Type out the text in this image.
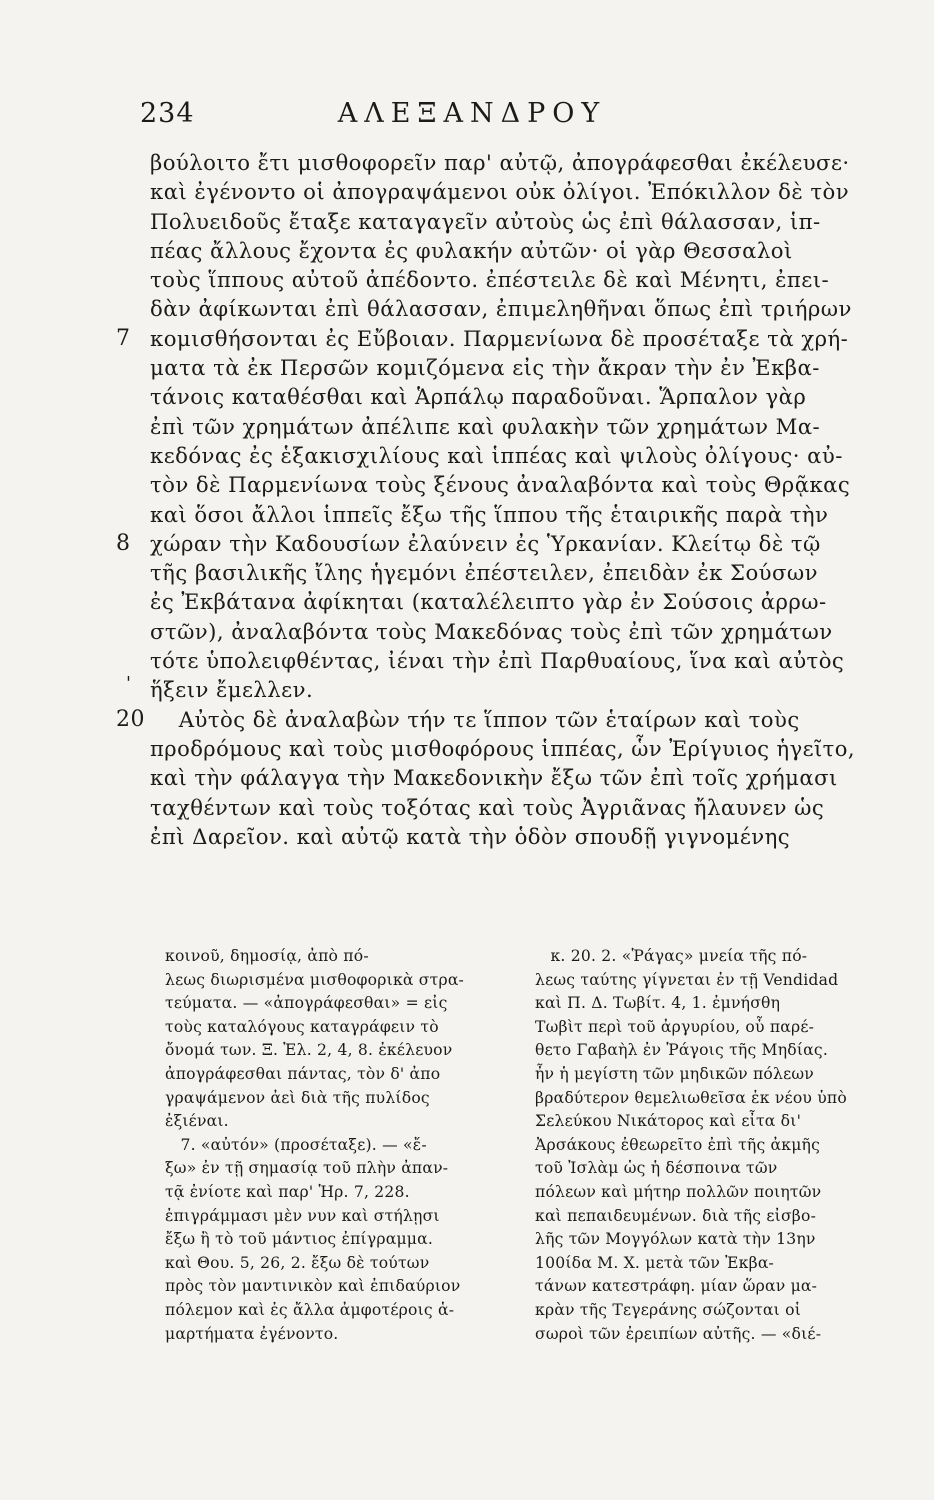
234	ΑΛΕΞΑΝΔΡΟΥ
βούλοιτο ἔτι μισθοφορεῖν παρ' αὐτῷ, ἀπογράφεσθαι ἐκέλευσε·
καὶ ἐγένοντο οἱ ἀπογραψάμενοι οὐκ ὀλίγοι. Ἐπόκιλλον δὲ τὸν
Πολυειδοῦς ἔταξε καταγαγεῖν αὐτοὺς ὡς ἐπὶ θάλασσαν, ἱπ-
πέας ἄλλους ἔχοντα ἐς φυλακήν αὐτῶν· οἱ γὰρ Θεσσαλοὶ
τοὺς ἵππους αὐτοῦ ἀπέδοντο. ἐπέστειλε δὲ καὶ Μένητι, ἐπει-
δὰν ἀφίκωνται ἐπὶ θάλασσαν, ἐπιμεληθῆναι ὅπως ἐπὶ τριήρων
7 κομισθήσονται ἐς Εὔβοιαν. Παρμενίωνα δὲ προσέταξε τὰ χρή-
ματα τὰ ἐκ Περσῶν κομιζόμενα εἰς τὴν ἄκραν τὴν ἐν Ἐκβα-
τάνοις καταθέσθαι καὶ Ἁρπάλῳ παραδοῦναι. Ἅρπαλον γὰρ
ἐπὶ τῶν χρημάτων ἀπέλιπε καὶ φυλακὴν τῶν χρημάτων Μα-
κεδόνας ἐς ἑξακισχιλίους καὶ ἱππέας καὶ ψιλοὺς ὀλίγους· αὐ-
τὸν δὲ Παρμενίωνα τοὺς ξένους ἀναλαβόντα καὶ τοὺς Θρᾷκας
καὶ ὅσοι ἄλλοι ἱππεῖς ἔξω τῆς ἵππου τῆς ἑταιρικῆς παρὰ τὴν
8 χώραν τὴν Καδουσίων ἐλαύνειν ἐς Ὑρκανίαν. Κλείτῳ δὲ τῷ
τῆς βασιλικῆς ἴλης ἡγεμόνι ἐπέστειλεν, ἐπειδὰν ἐκ Σούσων
ἐς Ἐκβάτανα ἀφίκηται (καταλέλειπτο γὰρ ἐν Σούσοις ἀρρω-
στῶν), ἀναλαβόντα τοὺς Μακεδόνας τοὺς ἐπὶ τῶν χρημάτων
τότε ὑπολειφθέντας, ἰέναι τὴν ἐπὶ Παρθυαίους, ἵνα καὶ αὐτὸς
' ἥξειν ἔμελλεν.
20 Αὐτὸς δὲ ἀναλαβὼν τήν τε ἵππον τῶν ἑταίρων καὶ τοὺς
προδρόμους καὶ τοὺς μισθοφόρους ἱππέας, ὧν Ἐρίγυιος ἡγεῖτο,
καὶ τὴν φάλαγγα τὴν Μακεδονικὴν ἔξω τῶν ἐπὶ τοῖς χρήμασι
ταχθέντων καὶ τοὺς τοξότας καὶ τοὺς Ἀγριᾶνας ἤλαυνεν ὡς
ἐπὶ Δαρεῖον. καὶ αὐτῷ κατὰ τὴν ὁδὸν σπουδῇ γιγνομένης
κοινοῦ, δημοσίᾳ, ἀπὸ πό-
λεως διωρισμένα μισθοφορικὰ στρα-
τεύματα. — «ἀπογράφεσθαι» = εἰς
τοὺς καταλόγους καταγράφειν τὸ
ὄνομά των. Ξ. Ἑλ. 2, 4, 8. ἐκέλευον
ἀπογράφεσθαι πάντας, τὸν δ' ἀπο
γραψάμενον ἀεὶ διὰ τῆς πυλίδος
ἐξιέναι.
7. «αὐτόν» (προσέταξε). — «ἔ-
ξω» ἐν τῇ σημασίᾳ τοῦ πλὴν ἀπαν-
τᾷ ἐνίοτε καὶ παρ' Ἡρ. 7, 228.
ἐπιγράμμασι μὲν νυν καὶ στήλῃσι
ἔξω ἢ τὸ τοῦ μάντιος ἐπίγραμμα.
καὶ Θου. 5, 26, 2. ἔξω δὲ τούτων
πρὸς τὸν μαντινικὸν καὶ ἐπιδαύριον
πόλεμον καὶ ἐς ἄλλα ἀμφοτέροις ἁ-
μαρτήματα ἐγένοντο.
κ. 20. 2. «Ῥάγας» μνεία τῆς πό-
λεως ταύτης γίγνεται ἐν τῇ Vendidad
καὶ Π. Δ. Τωβίτ. 4, 1. ἐμνήσθη
Τωβὶτ περὶ τοῦ ἀργυρίου, οὗ παρέ-
θετο Γαβαὴλ ἐν Ῥάγοις τῆς Μηδίας.
ἦν ἡ μεγίστη τῶν μηδικῶν πόλεων
βραδύτερον θεμελιωθεῖσα ἐκ νέου ὑπὸ
Σελεύκου Νικάτορος καὶ εἶτα δι'
Ἀρσάκους ἐθεωρεῖτο ἐπὶ τῆς ἀκμῆς
τοῦ Ἰσλὰμ ὡς ἡ δέσποινα τῶν
πόλεων καὶ μήτηρ πολλῶν ποιητῶν
καὶ πεπαιδευμένων. διὰ τῆς εἰσβο-
λῆς τῶν Μογγόλων κατὰ τὴν 13ην
100ίδα Μ. Χ. μετὰ τῶν Ἐκβα-
τάνων κατεστράφη. μίαν ὥραν μα-
κρὰν τῆς Τεγεράνης σώζονται οἱ
σωροὶ τῶν ἐρειπίων αὐτῆς. — «διέ-
